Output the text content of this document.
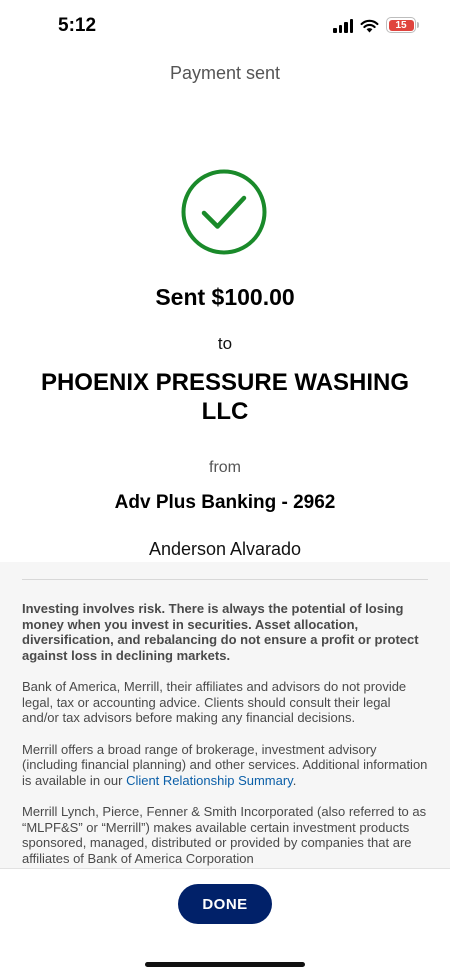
5:12	15
Payment sent
Sent $100.00
to
PHOENIX PRESSURE WASHING LLC
from
Adv Plus Banking - 2962
Anderson Alvarado

Investing involves risk. There is always the potential of losing money when you invest in securities. Asset allocation, diversification, and rebalancing do not ensure a profit or protect against loss in declining markets.

Bank of America, Merrill, their affiliates and advisors do not provide legal, tax or accounting advice. Clients should consult their legal and/or tax advisors before making any financial decisions.

Merrill offers a broad range of brokerage, investment advisory (including financial planning) and other services. Additional information is available in our Client Relationship Summary.

Merrill Lynch, Pierce, Fenner & Smith Incorporated (also referred to as “MLPF&S” or “Merrill”) makes available certain investment products sponsored, managed, distributed or provided by companies that are affiliates of Bank of America Corporation

DONE
